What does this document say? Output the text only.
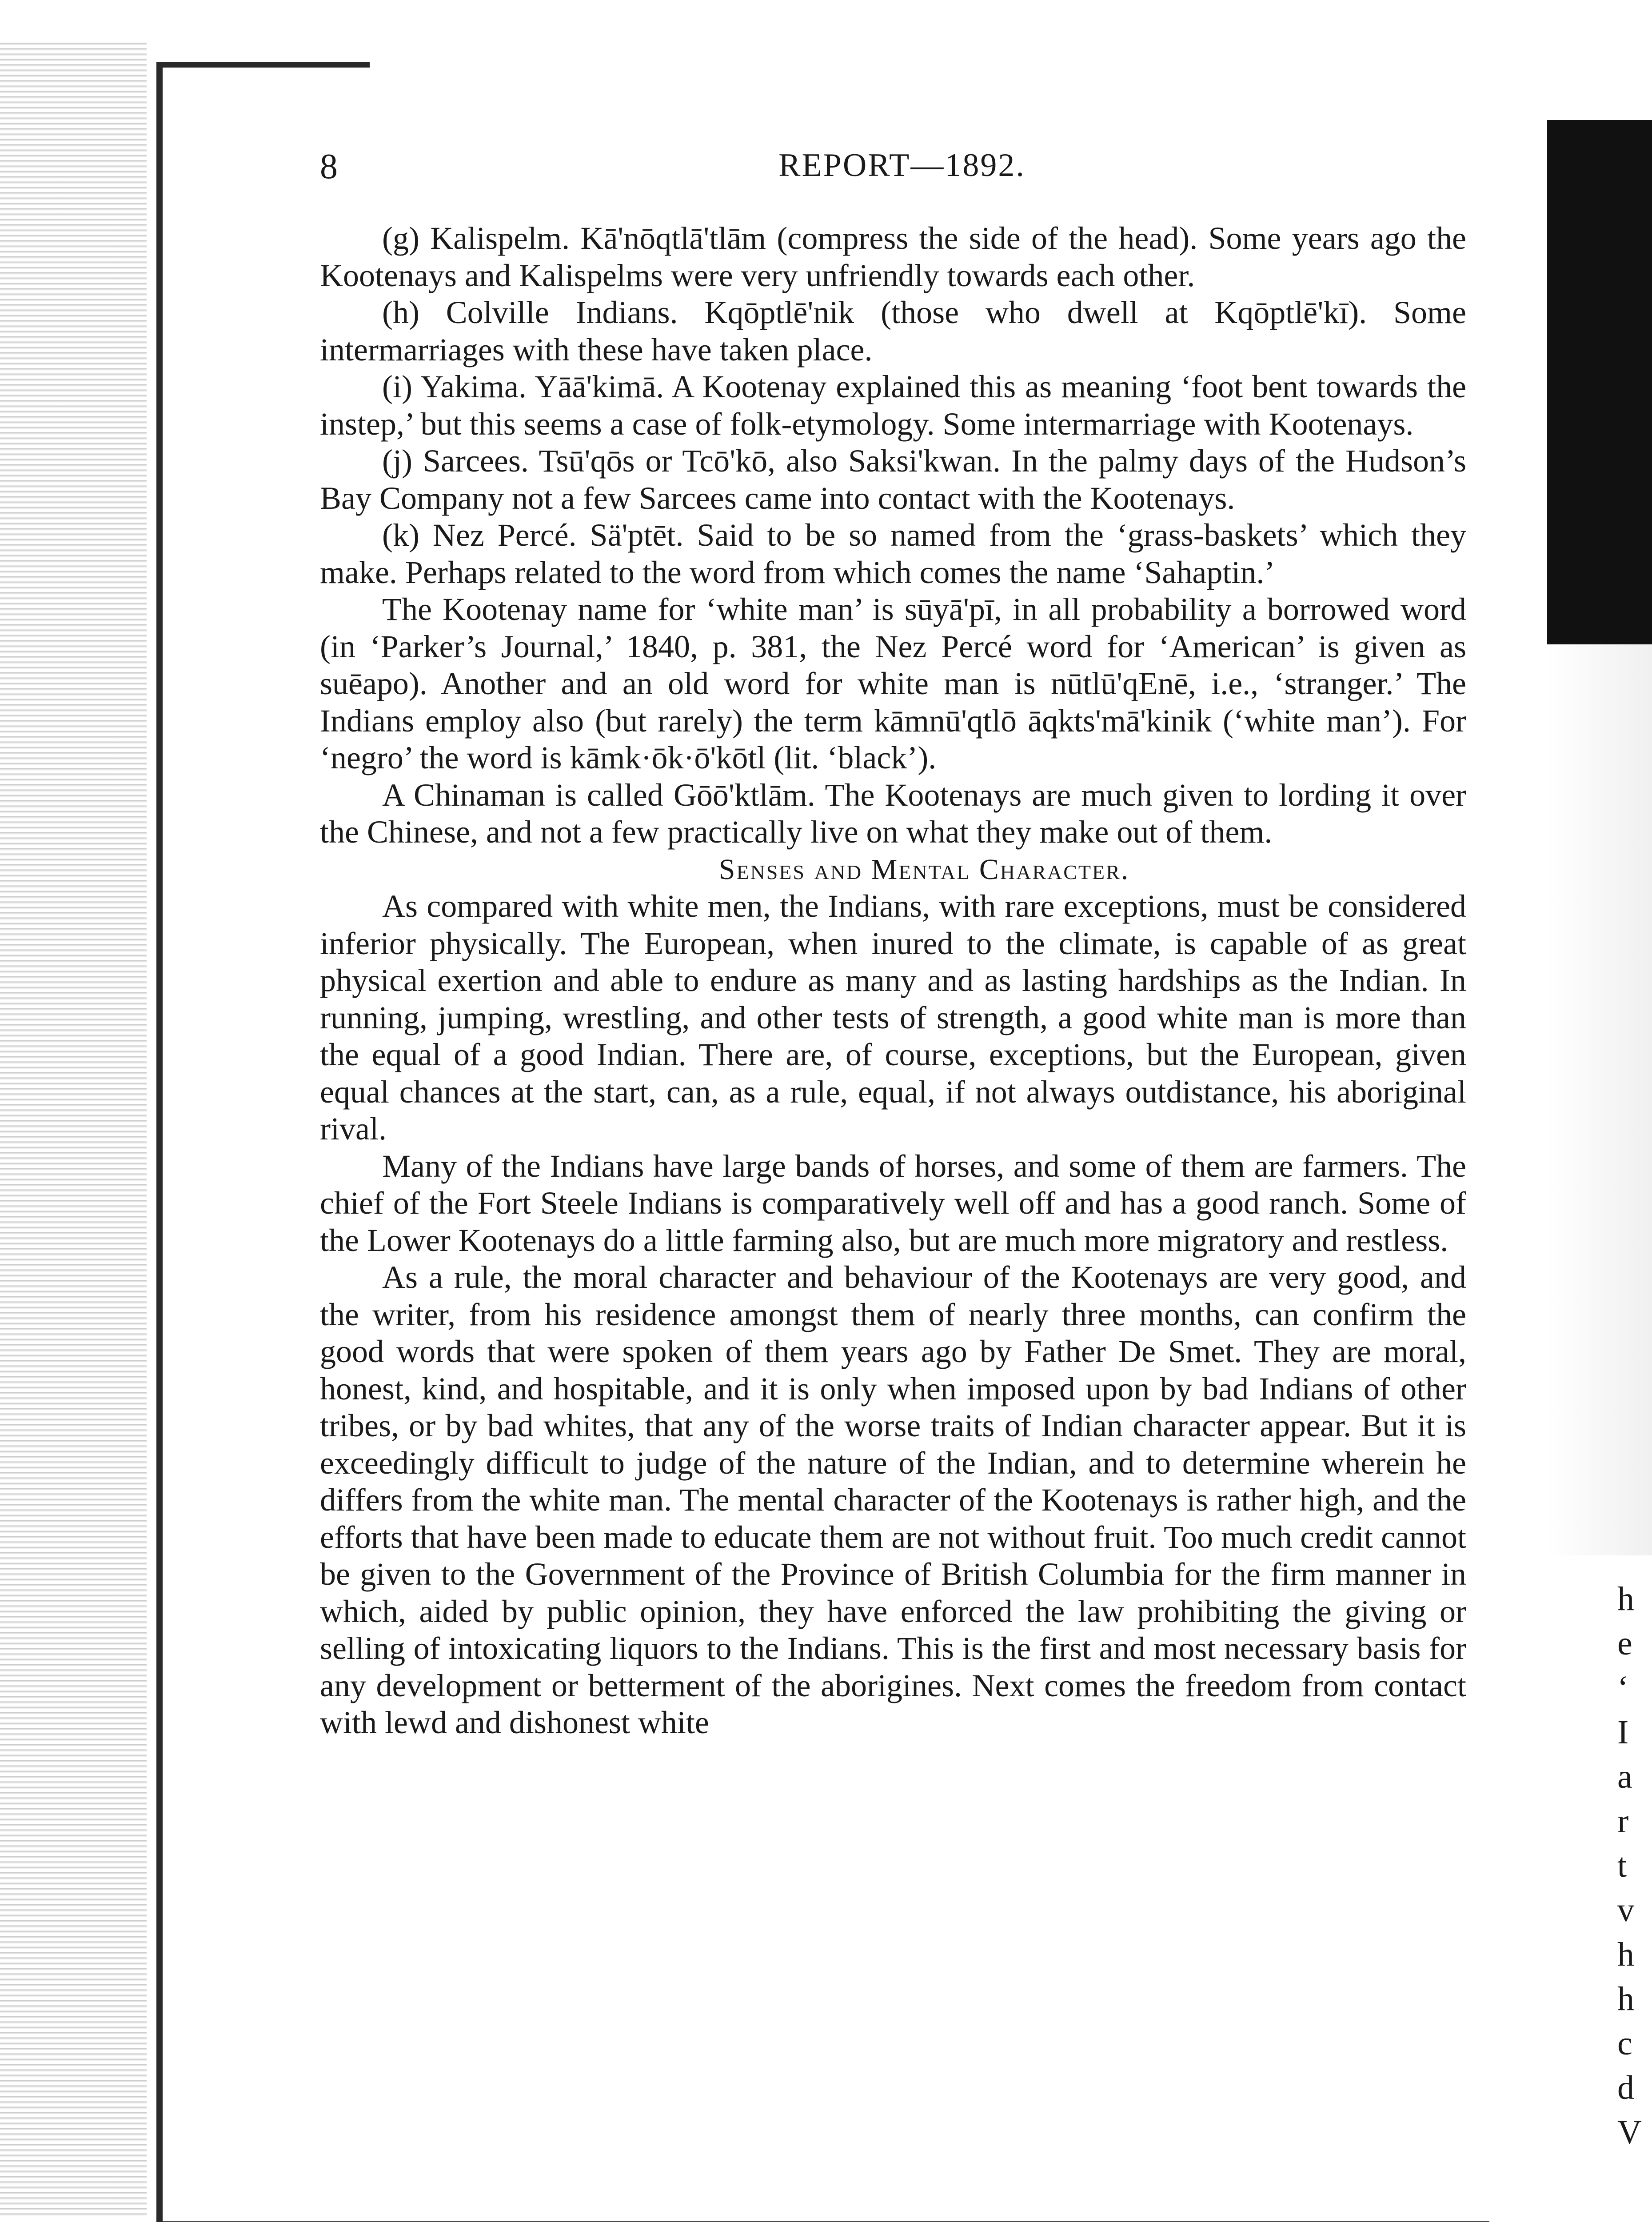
h
e
‘
I
a
r
t
v
h
h
c
d
V
8	REPORT—1892.

(g) Kalispelm. Kā'nōqtlā'tlām (compress the side of the head). Some years ago the Kootenays and Kalispelms were very unfriendly towards each other.

(h) Colville Indians. Kqōptlē'nik (those who dwell at Kqōptlē'kī). Some intermarriages with these have taken place.

(i) Yakima. Yāā'kimā. A Kootenay explained this as meaning ‘foot bent towards the instep,’ but this seems a case of folk-etymology. Some intermarriage with Kootenays.

(j) Sarcees. Tsū'qōs or Tcō'kō, also Saksi'kwan. In the palmy days of the Hudson’s Bay Company not a few Sarcees came into contact with the Kootenays.

(k) Nez Percé. Sä'ptēt. Said to be so named from the ‘grass-baskets’ which they make. Perhaps related to the word from which comes the name ‘Sahaptin.’

The Kootenay name for ‘white man’ is sūyā'pī, in all probability a borrowed word (in ‘Parker’s Journal,’ 1840, p. 381, the Nez Percé word for ‘American’ is given as suēapo). Another and an old word for white man is nūtlū'qEnē, i.e., ‘stranger.’ The Indians employ also (but rarely) the term kāmnū'qtlō āqkts'mā'kinik (‘white man’). For ‘negro’ the word is kāmk·ōk·ō'kōtl (lit. ‘black’).

A Chinaman is called Gōō'ktlām. The Kootenays are much given to lording it over the Chinese, and not a few practically live on what they make out of them.

Senses and Mental Character.

As compared with white men, the Indians, with rare exceptions, must be considered inferior physically. The European, when inured to the climate, is capable of as great physical exertion and able to endure as many and as lasting hardships as the Indian. In running, jumping, wrestling, and other tests of strength, a good white man is more than the equal of a good Indian. There are, of course, exceptions, but the European, given equal chances at the start, can, as a rule, equal, if not always outdistance, his aboriginal rival.

Many of the Indians have large bands of horses, and some of them are farmers. The chief of the Fort Steele Indians is comparatively well off and has a good ranch. Some of the Lower Kootenays do a little farming also, but are much more migratory and restless.

As a rule, the moral character and behaviour of the Kootenays are very good, and the writer, from his residence amongst them of nearly three months, can confirm the good words that were spoken of them years ago by Father De Smet. They are moral, honest, kind, and hospitable, and it is only when imposed upon by bad Indians of other tribes, or by bad whites, that any of the worse traits of Indian character appear. But it is exceedingly difficult to judge of the nature of the Indian, and to determine wherein he differs from the white man. The mental character of the Kootenays is rather high, and the efforts that have been made to educate them are not without fruit. Too much credit cannot be given to the Government of the Province of British Columbia for the firm manner in which, aided by public opinion, they have enforced the law prohibiting the giving or selling of intoxicating liquors to the Indians. This is the first and most necessary basis for any development or betterment of the aborigines. Next comes the freedom from contact with lewd and dishonest white
